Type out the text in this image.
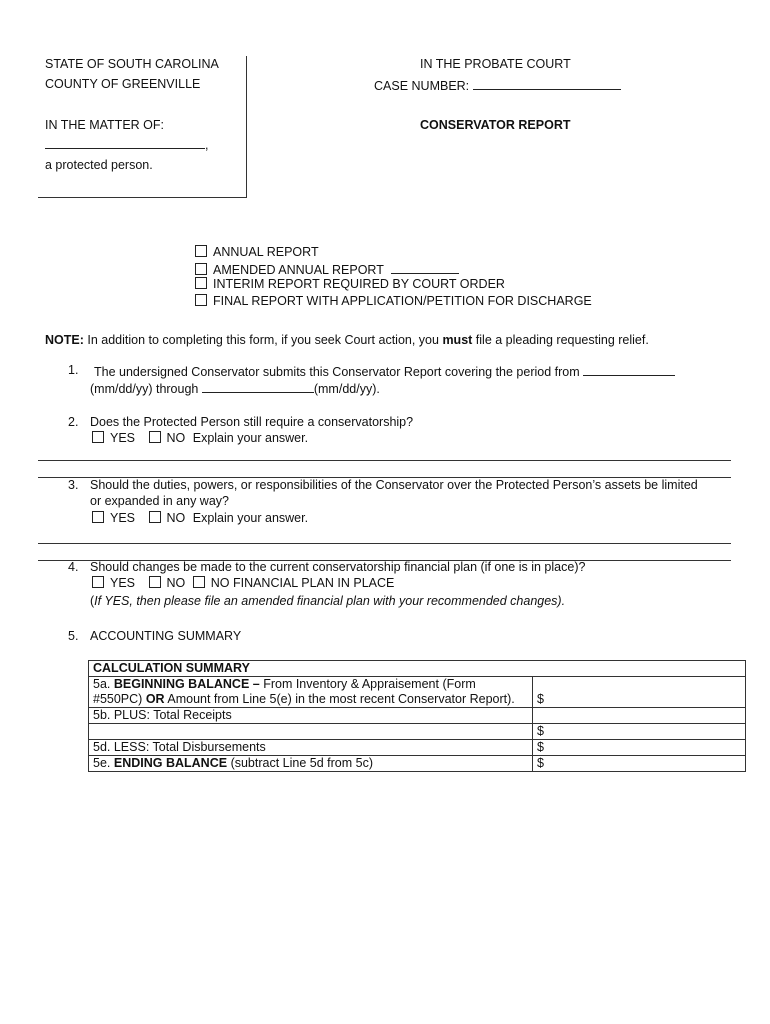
STATE OF SOUTH CAROLINA
COUNTY OF GREENVILLE
IN THE MATTER OF:
,
a protected person.
IN THE PROBATE COURT
CASE NUMBER:
CONSERVATOR REPORT
ANNUAL REPORT
AMENDED ANNUAL REPORT
INTERIM REPORT REQUIRED BY COURT ORDER
FINAL REPORT WITH APPLICATION/PETITION FOR DISCHARGE
NOTE: In addition to completing this form, if you seek Court action, you must file a pleading requesting relief.
1. The undersigned Conservator submits this Conservator Report covering the period from
(mm/dd/yy) through	(mm/dd/yy).
2. Does the Protected Person still require a conservatorship?
YES	NO Explain your answer.
3. Should the duties, powers, or responsibilities of the Conservator over the Protected Person’s assets be limited
or expanded in any way?
YES	NO Explain your answer.
4. Should changes be made to the current conservatorship financial plan (if one is in place)?
YES	NO NO FINANCIAL PLAN IN PLACE
(If YES, then please file an amended financial plan with your recommended changes).
5. ACCOUNTING SUMMARY
CALCULATION SUMMARY	
5a. BEGINNING BALANCE – From Inventory & Appraisement (Form
#550PC) OR Amount from Line 5(e) in the most recent Conservator Report).	$
5b. PLUS: Total Receipts	
	$
5d. LESS: Total Disbursements	$
5e. ENDING BALANCE (subtract Line 5d from 5c)	$
